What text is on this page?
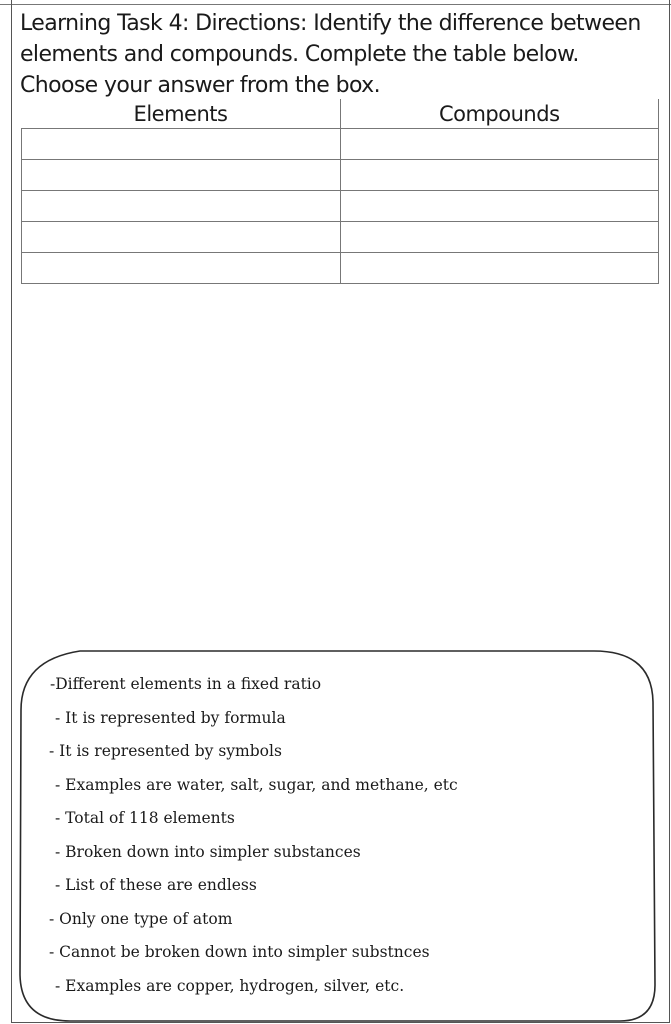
Learning Task 4: Directions: Identify the difference between elements and compounds. Complete the table below. Choose your answer from the box.

Elements	Compounds

-Different elements in a fixed ratio
- It is represented by formula
- It is represented by symbols
- Examples are water, salt, sugar, and methane, etc
- Total of 118 elements
- Broken down into simpler substances
- List of these are endless
- Only one type of atom
- Cannot be broken down into simpler substnces
- Examples are copper, hydrogen, silver, etc.
